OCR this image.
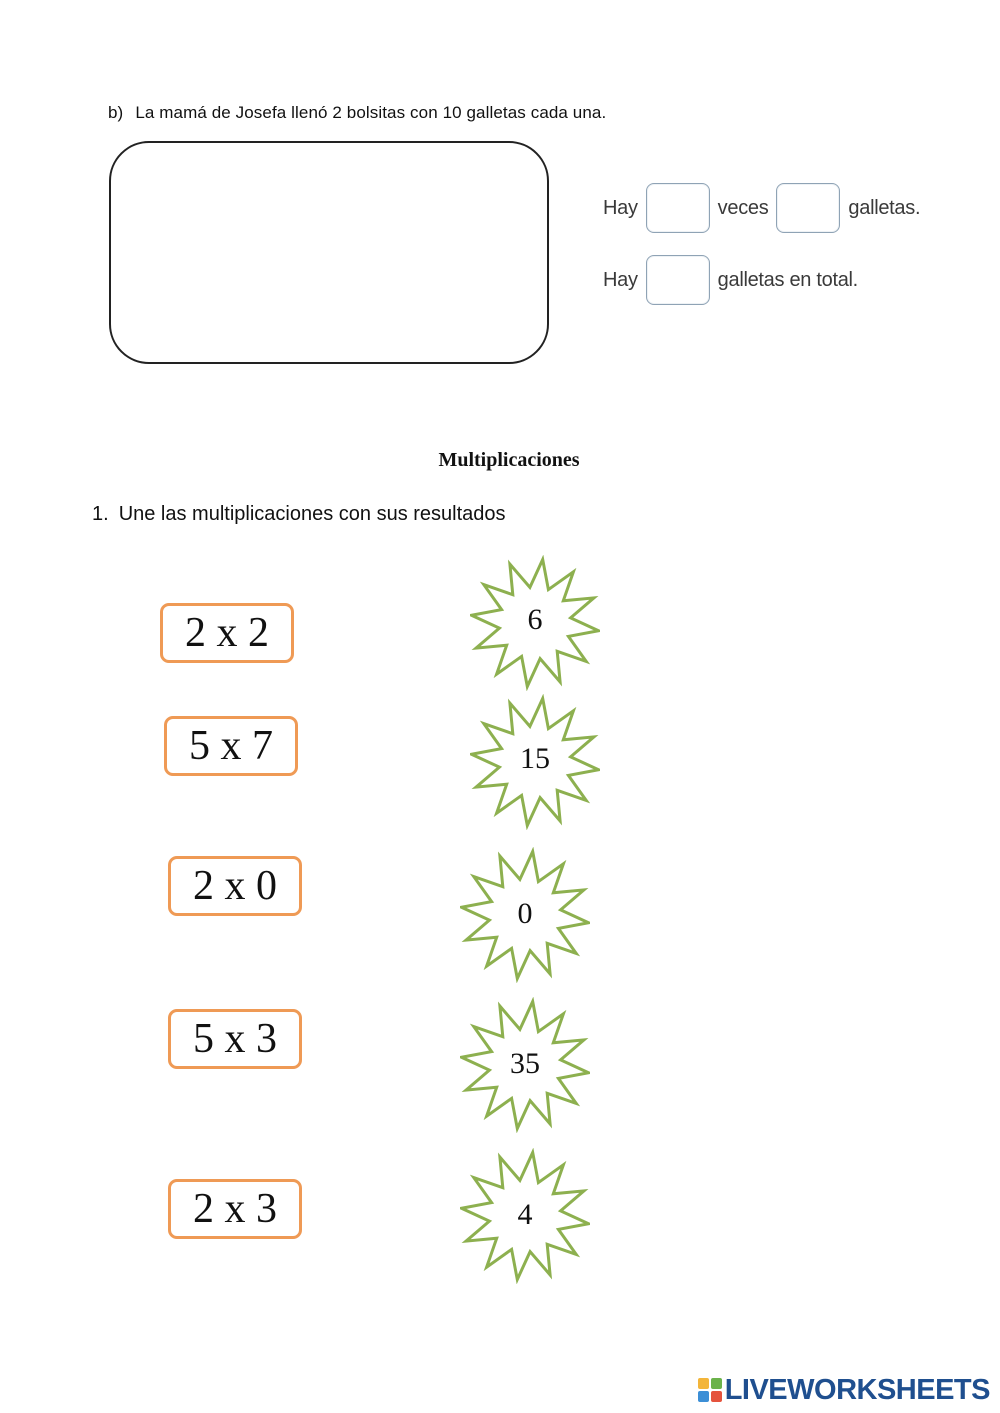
b) La mamá de Josefa llenó 2 bolsitas con 10 galletas cada una.
Hay	veces	galletas.
Hay	galletas en total.
Multiplicaciones
1. Une las multiplicaciones con sus resultados
2 x 2
5 x 7
2 x 0
5 x 3
2 x 3
6
15
0
35
4
LIVEWORKSHEETS
